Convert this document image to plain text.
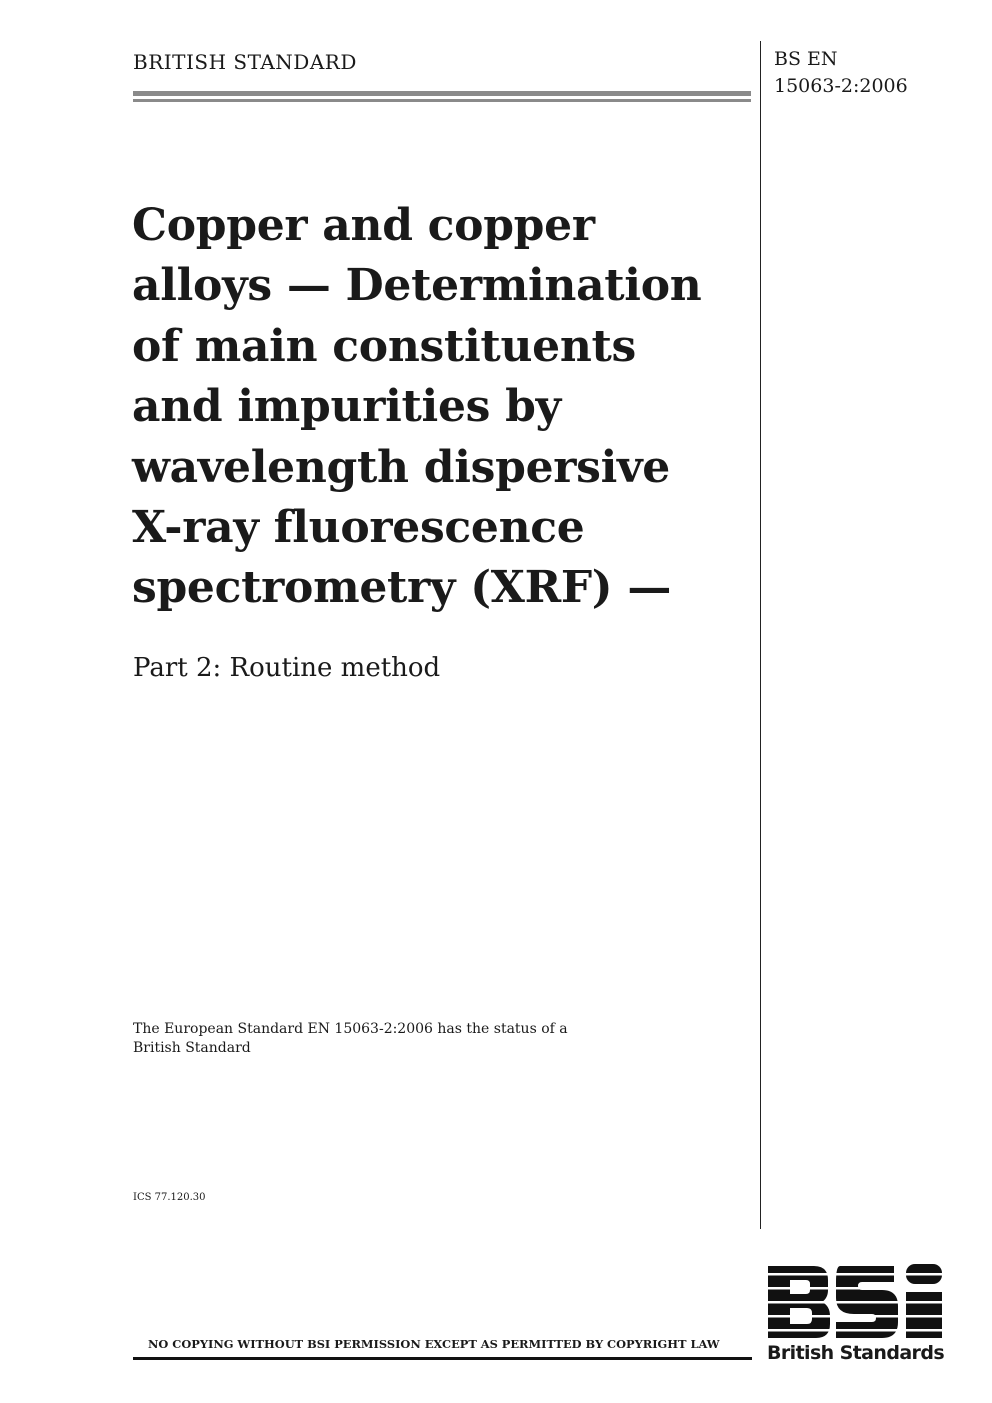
BRITISH STANDARD	BS EN
15063-2:2006
Copper and copper
alloys — Determination
of main constituents
and impurities by
wavelength dispersive
X-ray fluorescence
spectrometry (XRF) —
Part 2: Routine method
The European Standard EN 15063-2:2006 has the status of a
British Standard
ICS 77.120.30
NO COPYING WITHOUT BSI PERMISSION EXCEPT AS PERMITTED BY COPYRIGHT LAW British Standards
